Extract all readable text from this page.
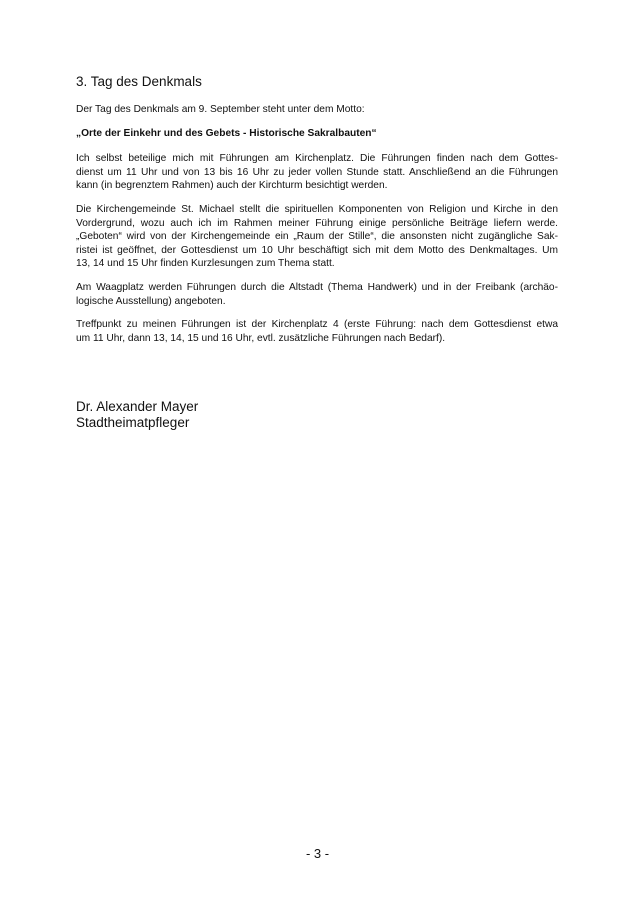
3. Tag des Denkmals

Der Tag des Denkmals am 9. September steht unter dem Motto:

„Orte der Einkehr und des Gebets - Historische Sakralbauten“

Ich selbst beteilige mich mit Führungen am Kirchenplatz. Die Führungen finden nach dem Gottes-
dienst um 11 Uhr und von 13 bis 16 Uhr zu jeder vollen Stunde statt. Anschließend an die Führungen
kann (in begrenztem Rahmen) auch der Kirchturm besichtigt werden.

Die Kirchengemeinde St. Michael stellt die spirituellen Komponenten von Religion und Kirche in den
Vordergrund, wozu auch ich im Rahmen meiner Führung einige persönliche Beiträge liefern werde.
„Geboten“ wird von der Kirchengemeinde ein „Raum der Stille“, die ansonsten nicht zugängliche Sak-
ristei ist geöffnet, der Gottesdienst um 10 Uhr beschäftigt sich mit dem Motto des Denkmaltages. Um
13, 14 und 15 Uhr finden Kurzlesungen zum Thema statt.

Am Waagplatz werden Führungen durch die Altstadt (Thema Handwerk) und in der Freibank (archäo-
logische Ausstellung) angeboten.

Treffpunkt zu meinen Führungen ist der Kirchenplatz 4 (erste Führung: nach dem Gottesdienst etwa
um 11 Uhr, dann 13, 14, 15 und 16 Uhr, evtl. zusätzliche Führungen nach Bedarf).

Dr. Alexander Mayer
Stadtheimatpfleger
- 3 -
